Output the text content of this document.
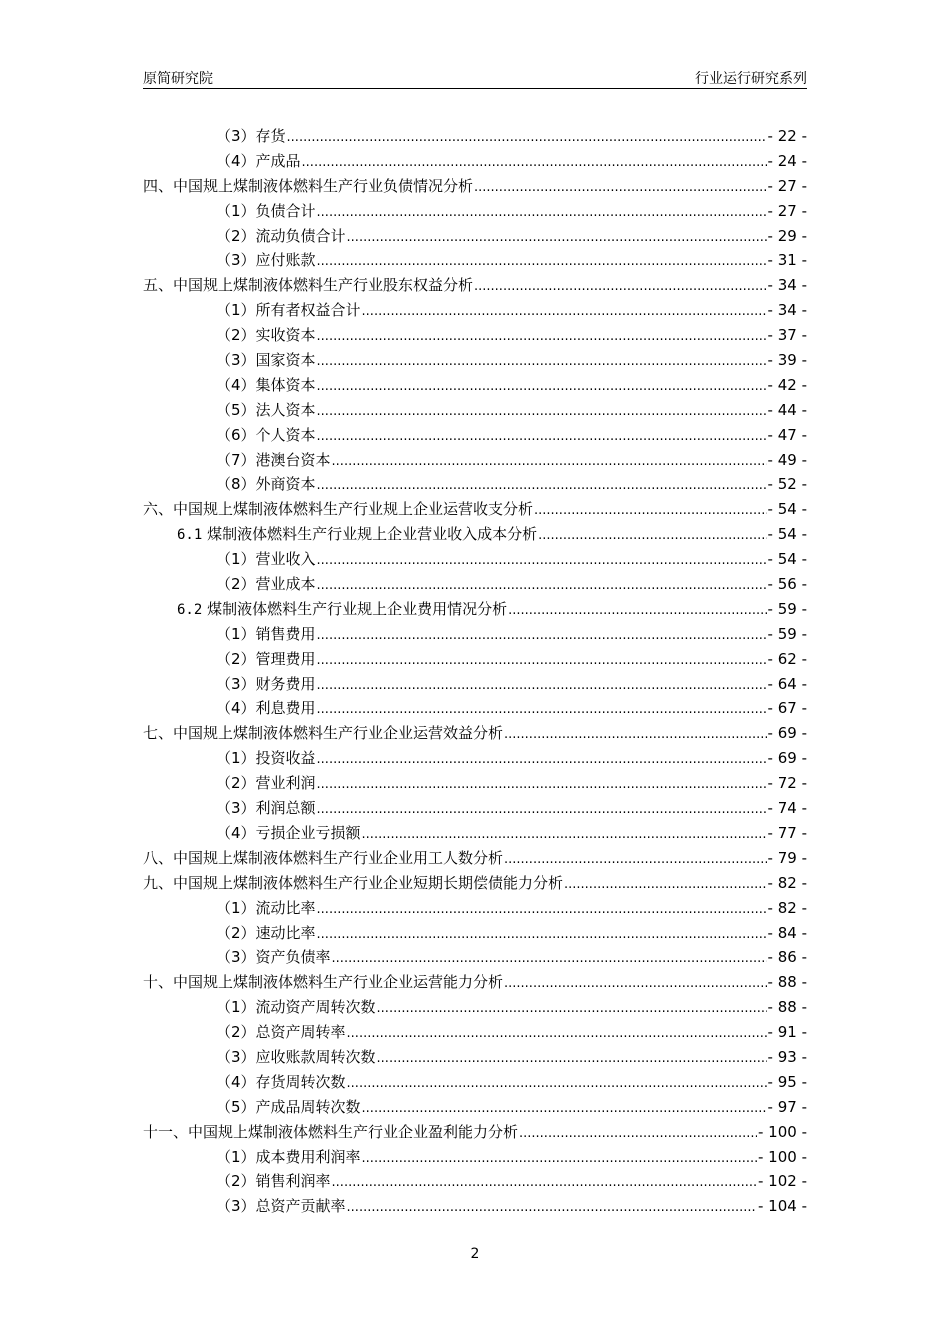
原简研究院	行业运行研究系列
（3）存货 .....	- 22 -
（4）产成品 .....	- 24 -
四、中国规上煤制液体燃料生产行业负债情况分析 .....	- 27 -
（1）负债合计 .....	- 27 -
（2）流动负债合计 .....	- 29 -
（3）应付账款 .....	- 31 -
五、中国规上煤制液体燃料生产行业股东权益分析 .....	- 34 -
（1）所有者权益合计 .....	- 34 -
（2）实收资本 .....	- 37 -
（3）国家资本 .....	- 39 -
（4）集体资本 .....	- 42 -
（5）法人资本 .....	- 44 -
（6）个人资本 .....	- 47 -
（7）港澳台资本 .....	- 49 -
（8）外商资本 .....	- 52 -
六、中国规上煤制液体燃料生产行业规上企业运营收支分析 .....	- 54 -
6.1 煤制液体燃料生产行业规上企业营业收入成本分析 .....	- 54 -
（1）营业收入 .....	- 54 -
（2）营业成本 .....	- 56 -
6.2 煤制液体燃料生产行业规上企业费用情况分析 .....	- 59 -
（1）销售费用 .....	- 59 -
（2）管理费用 .....	- 62 -
（3）财务费用 .....	- 64 -
（4）利息费用 .....	- 67 -
七、中国规上煤制液体燃料生产行业企业运营效益分析 .....	- 69 -
（1）投资收益 .....	- 69 -
（2）营业利润 .....	- 72 -
（3）利润总额 .....	- 74 -
（4）亏损企业亏损额 .....	- 77 -
八、中国规上煤制液体燃料生产行业企业用工人数分析 .....	- 79 -
九、中国规上煤制液体燃料生产行业企业短期长期偿债能力分析 .....	- 82 -
（1）流动比率 .....	- 82 -
（2）速动比率 .....	- 84 -
（3）资产负债率 .....	- 86 -
十、中国规上煤制液体燃料生产行业企业运营能力分析 .....	- 88 -
（1）流动资产周转次数 .....	- 88 -
（2）总资产周转率 .....	- 91 -
（3）应收账款周转次数 .....	- 93 -
（4）存货周转次数 .....	- 95 -
（5）产成品周转次数 .....	- 97 -
十一、中国规上煤制液体燃料生产行业企业盈利能力分析 .....	- 100 -
（1）成本费用利润率 .....	- 100 -
（2）销售利润率 .....	- 102 -
（3）总资产贡献率 .....	- 104 -
2
